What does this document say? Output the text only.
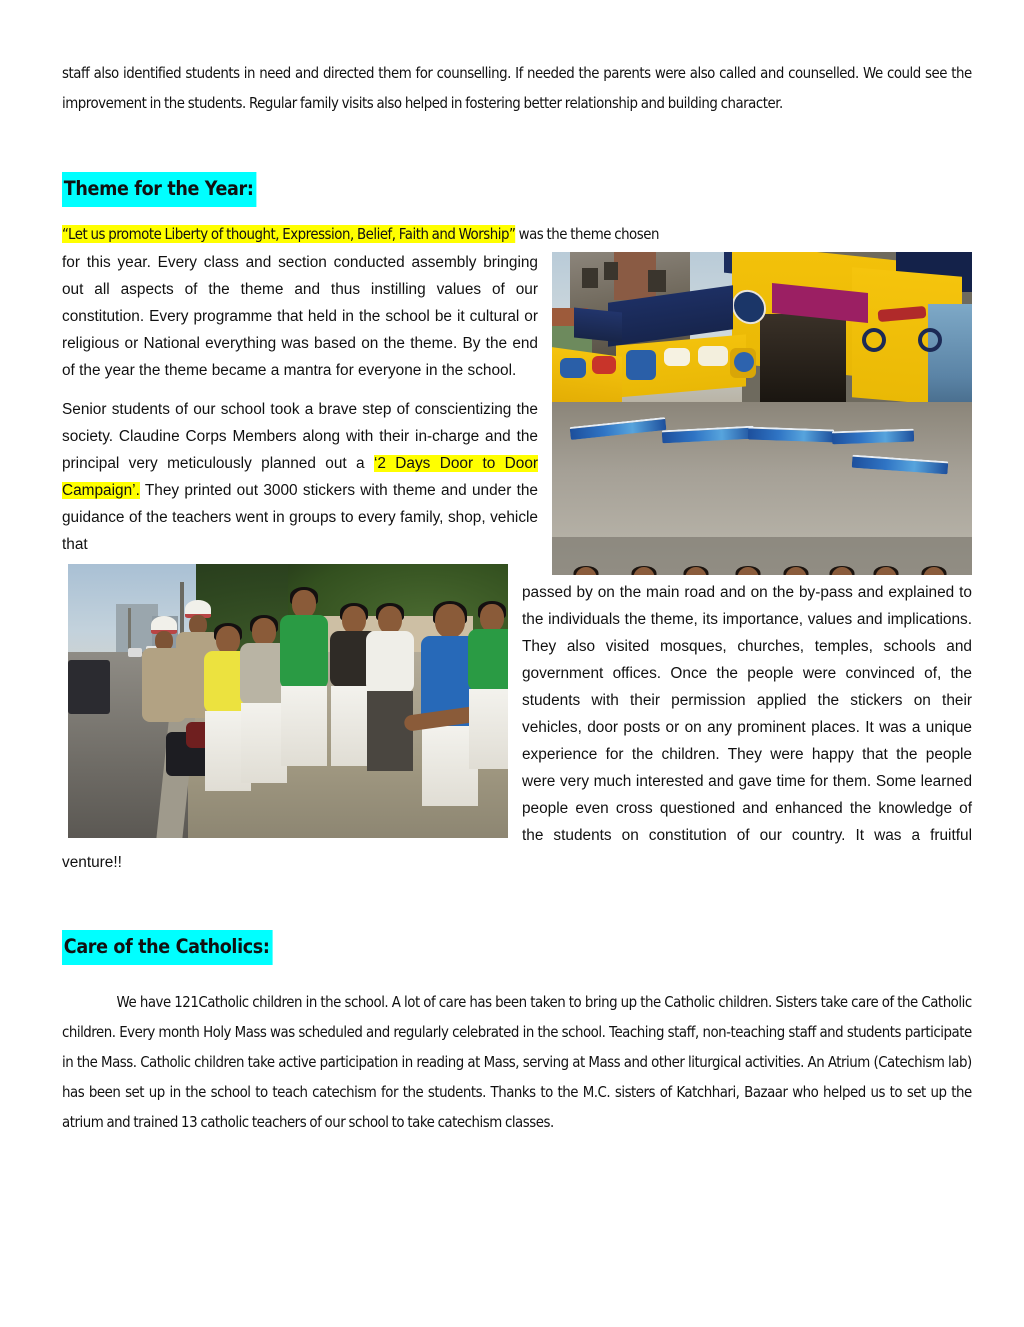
staff also identified students in need and directed them for counselling. If needed the parents were also called and counselled. We could see the improvement in the students. Regular family visits also helped in fostering better relationship and building character.

Theme for the Year:

“Let us promote Liberty of thought, Expression, Belief, Faith and Worship” was the theme chosen

for this year. Every class and section conducted assembly bringing out all aspects of the theme and thus instilling values of our constitution. Every programme that held in the school be it cultural or religious or National everything was based on the theme. By the end of the year the theme became a mantra for everyone in the school.

Senior students of our school took a brave step of conscientizing the society. Claudine Corps Members along with their in-charge and the principal very meticulously planned out a ‘2 Days Door to Door Campaign’. They printed out 3000 stickers with theme and under the guidance of the teachers went in groups to every family, shop, vehicle that

passed by on the main road and on the by-pass and explained to the individuals the theme, its importance, values and implications. They also visited mosques, churches, temples, schools and government offices. Once the people were convinced of, the students with their permission applied the stickers on their vehicles, door posts or on any prominent places. It was a unique experience for the children. They were happy that the people were very much interested and gave time for them. Some learned people even cross questioned and enhanced the knowledge of the students on constitution of our country. It was a fruitful venture!!

Care of the Catholics:

We have 121Catholic children in the school. A lot of care has been taken to bring up the Catholic children. Sisters take care of the Catholic children. Every month Holy Mass was scheduled and regularly celebrated in the school. Teaching staff, non-teaching staff and students participate in the Mass. Catholic children take active participation in reading at Mass, serving at Mass and other liturgical activities. An Atrium (Catechism lab) has been set up in the school to teach catechism for the students. Thanks to the M.C. sisters of Katchhari, Bazaar who helped us to set up the atrium and trained 13 catholic teachers of our school to take catechism classes.
